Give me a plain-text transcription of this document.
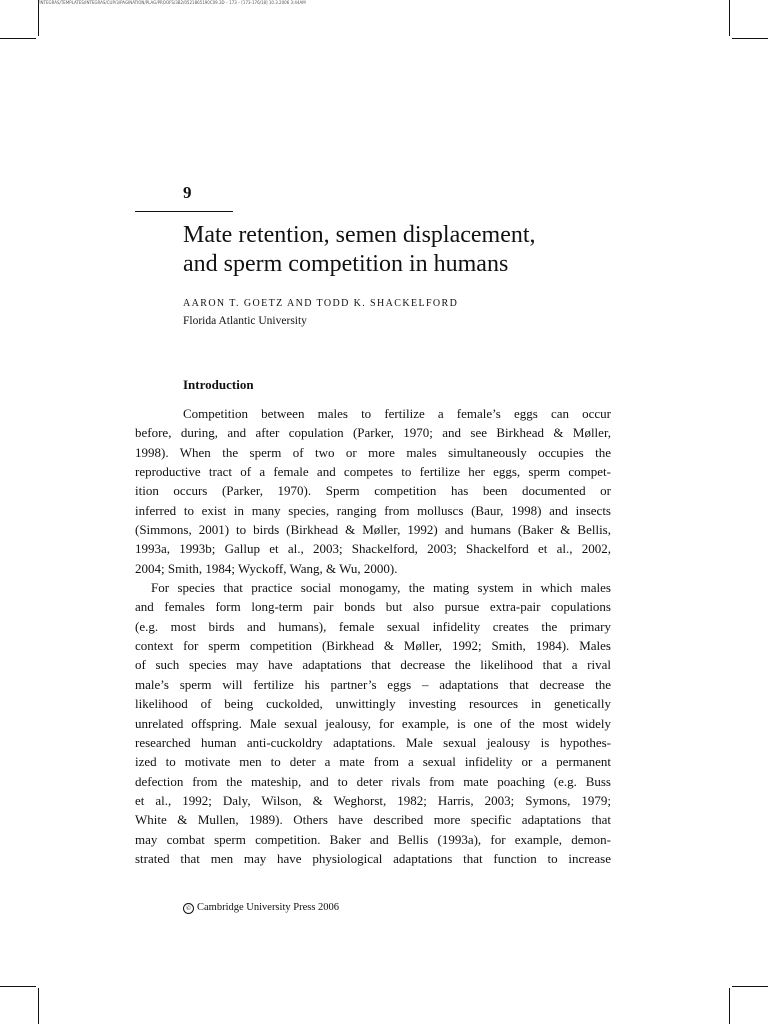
/INTEGRAS/TEMPLATES/INTEGRAS/CUP/3/PAGINATION/PLAG/PROOFS/3B2/0521865190C09.3D – 173 – [173-176/18] 10.3.2006 3:44AM
9
Mate retention, semen displacement,
and sperm competition in humans
AARON T. GOETZ AND TODD K. SHACKELFORD
Florida Atlantic University
Introduction
Competition between males to fertilize a female’s eggs can occur
before, during, and after copulation (Parker, 1970; and see Birkhead & Møller,
1998). When the sperm of two or more males simultaneously occupies the
reproductive tract of a female and competes to fertilize her eggs, sperm compet-
ition occurs (Parker, 1970). Sperm competition has been documented or
inferred to exist in many species, ranging from molluscs (Baur, 1998) and insects
(Simmons, 2001) to birds (Birkhead & Møller, 1992) and humans (Baker & Bellis,
1993a, 1993b; Gallup et al., 2003; Shackelford, 2003; Shackelford et al., 2002,
2004; Smith, 1984; Wyckoff, Wang, & Wu, 2000).
For species that practice social monogamy, the mating system in which males
and females form long-term pair bonds but also pursue extra-pair copulations
(e.g. most birds and humans), female sexual infidelity creates the primary
context for sperm competition (Birkhead & Møller, 1992; Smith, 1984). Males
of such species may have adaptations that decrease the likelihood that a rival
male’s sperm will fertilize his partner’s eggs – adaptations that decrease the
likelihood of being cuckolded, unwittingly investing resources in genetically
unrelated offspring. Male sexual jealousy, for example, is one of the most widely
researched human anti-cuckoldry adaptations. Male sexual jealousy is hypothes-
ized to motivate men to deter a mate from a sexual infidelity or a permanent
defection from the mateship, and to deter rivals from mate poaching (e.g. Buss
et al., 1992; Daly, Wilson, & Weghorst, 1982; Harris, 2003; Symons, 1979;
White & Mullen, 1989). Others have described more specific adaptations that
may combat sperm competition. Baker and Bellis (1993a), for example, demon-
strated that men may have physiological adaptations that function to increase
© Cambridge University Press 2006
